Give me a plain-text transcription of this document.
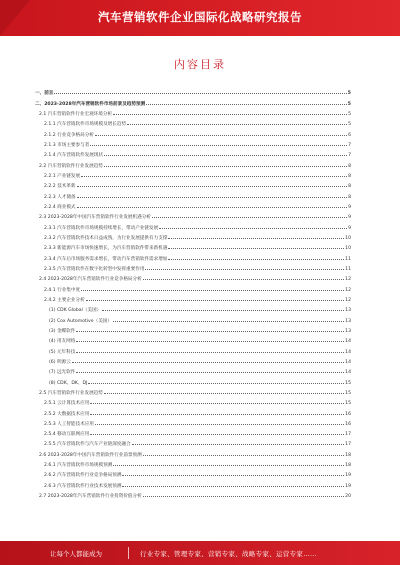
汽车营销软件企业国际化战略研究报告
内容目录
一、前言	5
二、2023-2028年汽车营销软件市场前景及趋势预测	5
2.1 汽车营销软件行业宏观环境分析	5
2.1.1 汽车营销软件市场规模及增长趋势	5
2.1.2 行业竞争格局分析	6
2.1.3 市场主要参与者	7
2.1.4 汽车营销软件发展现状	7
2.2 汽车营销软件行业发展趋势	8
2.2.1 产业链发展	8
2.2.2 技术革新	8
2.2.3 人才储备	8
2.2.4 商业模式	9
2.3 2023-2028年中国汽车营销软件行业发展机遇分析	9
2.3.1 汽车营销软件市场规模持续增长，带动产业链发展	9
2.3.2 汽车营销软件技术日益成熟，为行业发展提供有力支撑	10
2.3.3 新能源汽车市场快速增长，为汽车营销软件带来新机遇	10
2.3.4 汽车后市场服务需求增长，带动汽车营销软件需求增加	11
2.3.5 汽车营销软件在数字化转型中发挥重要作用	11
2.4 2023-2028年汽车营销软件行业竞争格局分析	12
2.4.1 行业集中度	12
2.4.2 主要企业分析	12
(1) CDK Global（美国）	13
(2) Cox Automotive（美国）	13
(3) 金蝶软件	13
(4) 用友网络	14
(5) 元年科技	14
(6) 明源云	14
(7) 远光软件	14
(8) CDK、DK、DJ	15
2.5 汽车营销软件行业发展趋势	15
2.5.1 云计算技术应用	15
2.5.2 大数据技术应用	16
2.5.3 人工智能技术应用	16
2.5.4 移动互联网应用	17
2.5.5 汽车营销软件与汽车产业链深度融合	17
2.6 2023-2028年中国汽车营销软件行业前景预测	18
2.6.1 汽车营销软件市场规模预测	18
2.6.2 汽车营销软件行业竞争格局预测	19
2.6.3 汽车营销软件行业技术发展预测	19
2.7 2023-2028年汽车营销软件行业投资价值分析	20
让每个人都能成为	行业专家、管理专家、营销专家、战略专家、运营专家……
